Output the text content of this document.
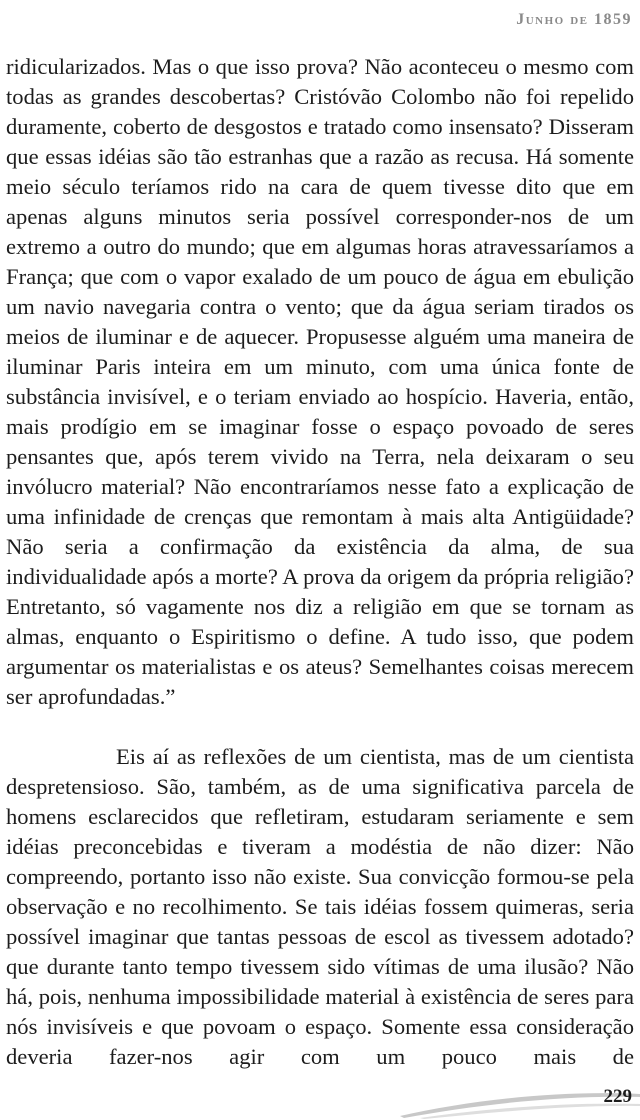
Junho de 1859

ridicularizados. Mas o que isso prova? Não aconteceu o mesmo com todas as grandes descobertas? Cristóvão Colombo não foi repelido duramente, coberto de desgostos e tratado como insensato? Disseram que essas idéias são tão estranhas que a razão as recusa. Há somente meio século teríamos rido na cara de quem tivesse dito que em apenas alguns minutos seria possível corresponder-nos de um extremo a outro do mundo; que em algumas horas atravessaríamos a França; que com o vapor exalado de um pouco de água em ebulição um navio navegaria contra o vento; que da água seriam tirados os meios de iluminar e de aquecer. Propusesse alguém uma maneira de iluminar Paris inteira em um minuto, com uma única fonte de substância invisível, e o teriam enviado ao hospício. Haveria, então, mais prodígio em se imaginar fosse o espaço povoado de seres pensantes que, após terem vivido na Terra, nela deixaram o seu invólucro material? Não encontraríamos nesse fato a explicação de uma infinidade de crenças que remontam à mais alta Antigüidade? Não seria a confirmação da existência da alma, de sua individualidade após a morte? A prova da origem da própria religião? Entretanto, só vagamente nos diz a religião em que se tornam as almas, enquanto o Espiritismo o define. A tudo isso, que podem argumentar os materialistas e os ateus? Semelhantes coisas merecem ser aprofundadas.”

Eis aí as reflexões de um cientista, mas de um cientista despretensioso. São, também, as de uma significativa parcela de homens esclarecidos que refletiram, estudaram seriamente e sem idéias preconcebidas e tiveram a modéstia de não dizer: Não compreendo, portanto isso não existe. Sua convicção formou-se pela observação e no recolhimento. Se tais idéias fossem quimeras, seria possível imaginar que tantas pessoas de escol as tivessem adotado? que durante tanto tempo tivessem sido vítimas de uma ilusão? Não há, pois, nenhuma impossibilidade material à existência de seres para nós invisíveis e que povoam o espaço. Somente essa consideração deveria fazer-nos agir com um pouco mais de

229
